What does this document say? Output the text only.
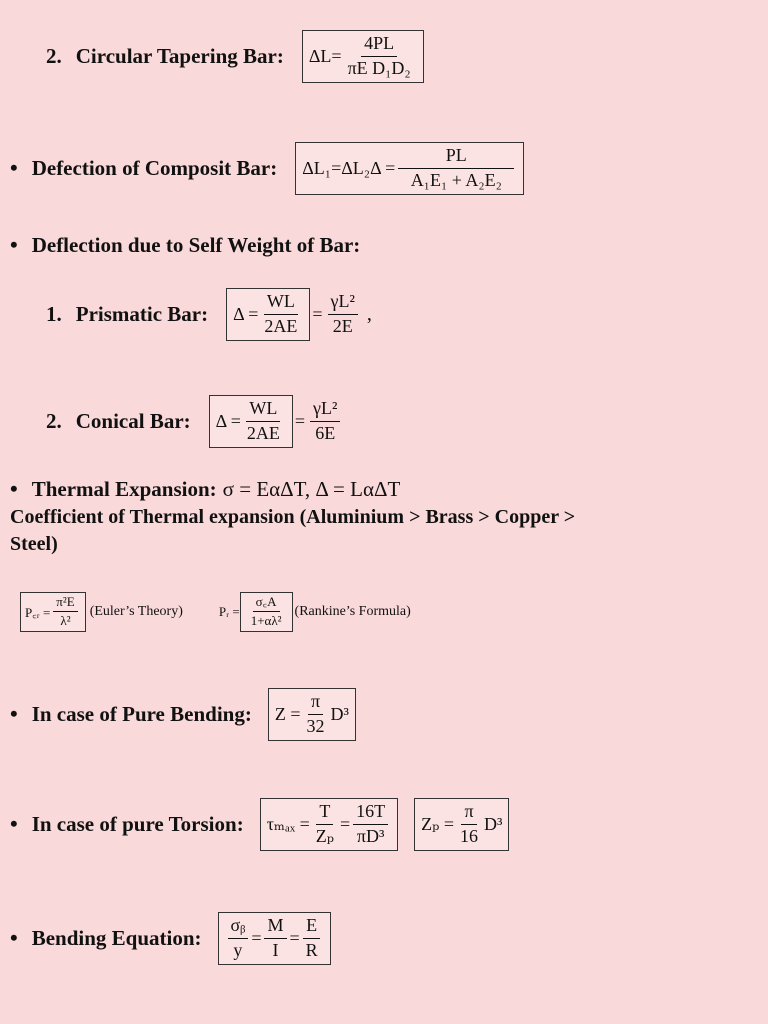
2. Circular Tapering Bar: $\Delta L= \frac{4PL}{\text{πE D₁D₂}}$
• Defection of Composit Bar: $\Delta L_1=\Delta L_2\Delta = \frac{PL}{\text{A₁E₁ + A₂E₂}}$
• Deflection due to Self Weight of Bar:
1. Prismatic Bar: $\Delta = \frac{WL}{2AE} = \frac{\text{γL²}}{2E}$ ,
2. Conical Bar: $\Delta = \frac{WL}{2AE} = \frac{\text{γL²}}{6E}$
• Thermal Expansion: σ = EαΔT, Δ = LαΔT
Coefficient of Thermal expansion (Aluminium > Brass > Copper >
Steel)
P꜀ᵣ = $\frac{\text{π²E}}{\text{λ²}}$ (Euler’s Theory)	Pᵣ = $\frac{\sigma꜀A}{\text{1+αλ²}}$ (Rankine’s Formula)
• In case of Pure Bending: $Z = \frac{\pi}{32} D^3$
• In case of pure Torsion: $\tau_{max} = \frac{T}{\text{Zₚ}} = \frac{16T}{\text{πD³}}$ $Z_p = \frac{\pi}{16} D^3$
• Bending Equation: $\frac{\text{σᵦ}}{y} = \frac{M}{I} = \frac{E}{R}$
